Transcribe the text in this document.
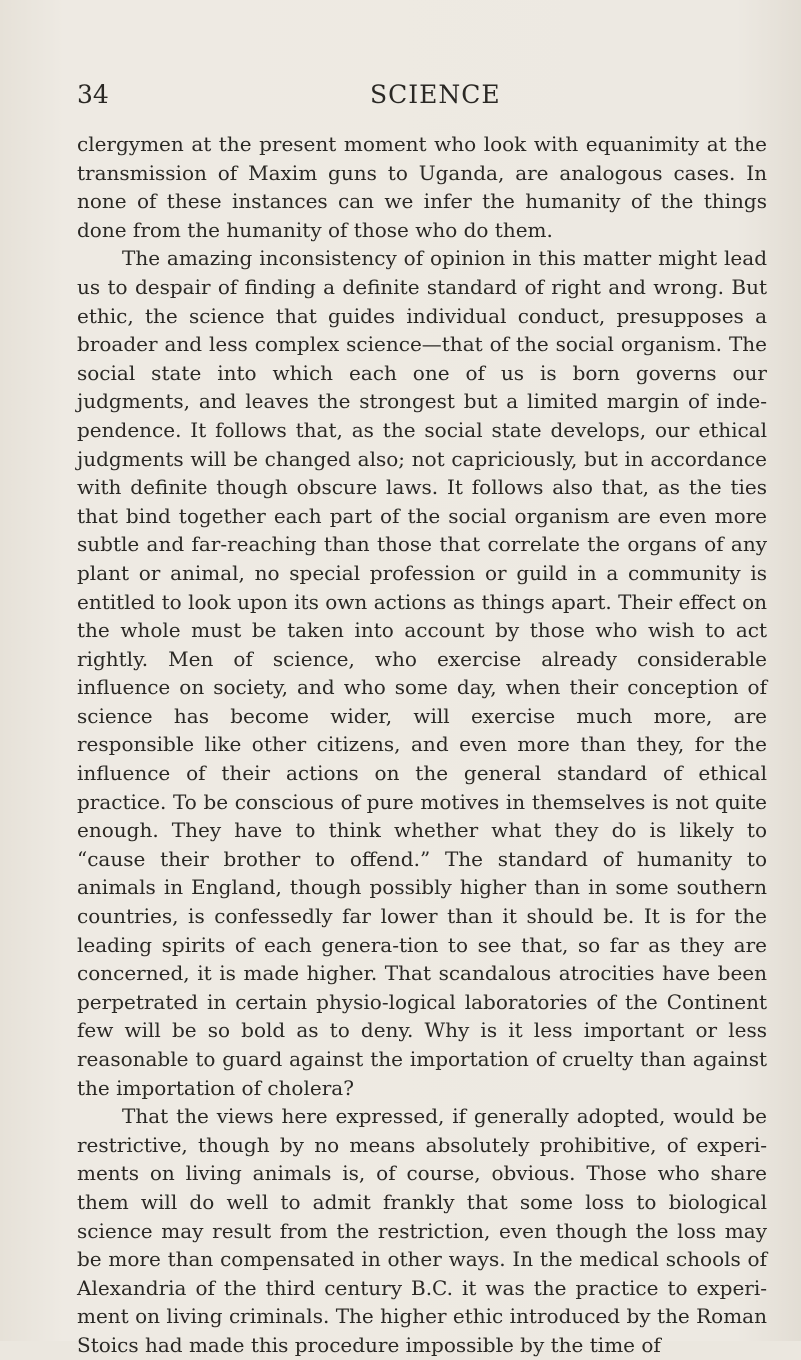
34	SCIENCE

clergymen at the present moment who look with equanimity at the transmission of Maxim guns to Uganda, are analogous cases. In none of these instances can we infer the humanity of the things done from the humanity of those who do them.

The amazing inconsistency of opinion in this matter might lead us to despair of finding a definite standard of right and wrong. But ethic, the science that guides individual conduct, presupposes a broader and less complex science—that of the social organism. The social state into which each one of us is born governs our judgments, and leaves the strongest but a limited margin of inde-pendence. It follows that, as the social state develops, our ethical judgments will be changed also; not capriciously, but in accordance with definite though obscure laws. It follows also that, as the ties that bind together each part of the social organism are even more subtle and far-reaching than those that correlate the organs of any plant or animal, no special profession or guild in a community is entitled to look upon its own actions as things apart. Their effect on the whole must be taken into account by those who wish to act rightly. Men of science, who exercise already considerable influence on society, and who some day, when their conception of science has become wider, will exercise much more, are responsible like other citizens, and even more than they, for the influence of their actions on the general standard of ethical practice. To be conscious of pure motives in themselves is not quite enough. They have to think whether what they do is likely to “cause their brother to offend.” The standard of humanity to animals in England, though possibly higher than in some southern countries, is confessedly far lower than it should be. It is for the leading spirits of each genera-tion to see that, so far as they are concerned, it is made higher. That scandalous atrocities have been perpetrated in certain physio-logical laboratories of the Continent few will be so bold as to deny. Why is it less important or less reasonable to guard against the importation of cruelty than against the importation of cholera?

That the views here expressed, if generally adopted, would be restrictive, though by no means absolutely prohibitive, of experi-ments on living animals is, of course, obvious. Those who share them will do well to admit frankly that some loss to biological science may result from the restriction, even though the loss may be more than compensated in other ways. In the medical schools of Alexandria of the third century B.C. it was the practice to experi-ment on living criminals. The higher ethic introduced by the Roman Stoics had made this procedure impossible by the time of
